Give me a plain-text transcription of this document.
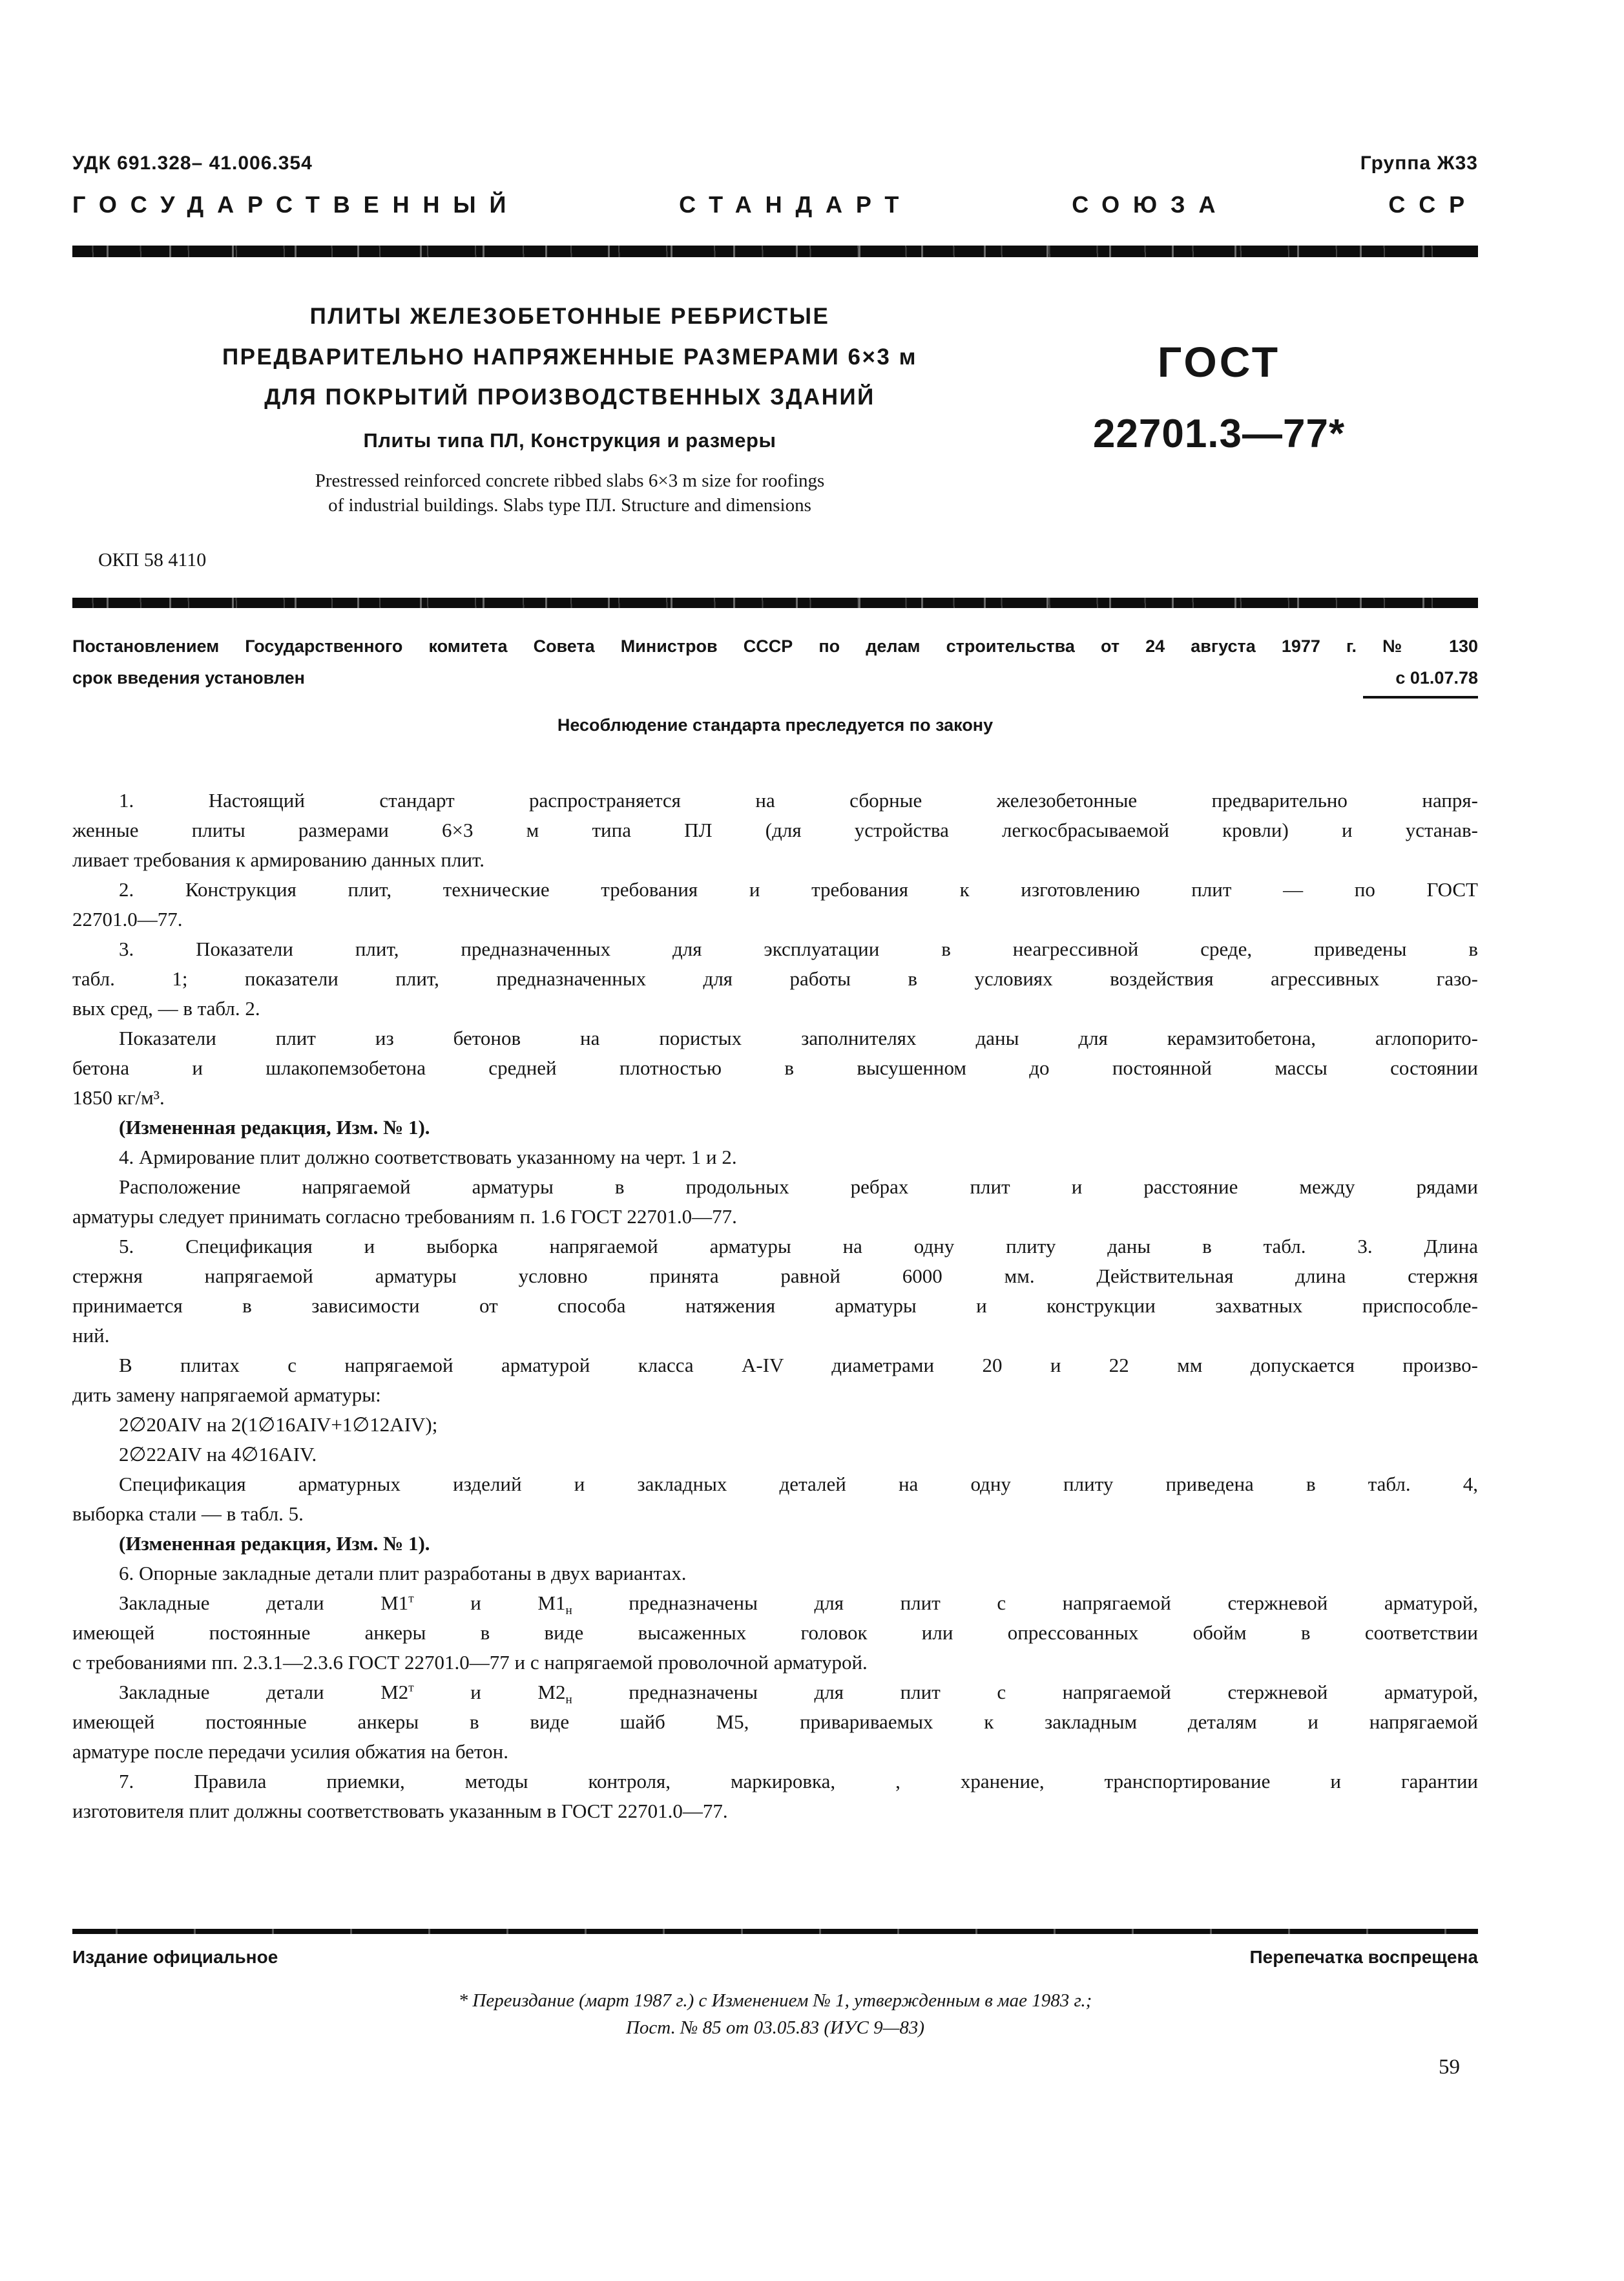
УДК 691.328– 41.006.354	Группа Ж33
ГОСУДАРСТВЕННЫЙ	СТАНДАРТ	СОЮЗА	ССР
ПЛИТЫ ЖЕЛЕЗОБЕТОННЫЕ РЕБРИСТЫЕ
ПРЕДВАРИТЕЛЬНО НАПРЯЖЕННЫЕ РАЗМЕРАМИ 6×3 м
ДЛЯ ПОКРЫТИЙ ПРОИЗВОДСТВЕННЫХ ЗДАНИЙ
Плиты типа ПЛ, Конструкция и размеры
Prestressed reinforced concrete ribbed slabs 6×3 m size for roofings
of industrial buildings. Slabs type ПЛ. Structure and dimensions
ГОСТ
22701.3—77*
ОКП 58 4110
Постановлением Государственного комитета Совета Министров СССР по делам строительства от 24 августа 1977 г. № 130
срок введения установлен	с 01.07.78
Несоблюдение стандарта преследуется по закону
1. Настоящий стандарт распространяется на сборные железобетонные предварительно напря-
женные плиты размерами 6×3 м типа ПЛ (для устройства легкосбрасываемой кровли) и устанав-
ливает требования к армированию данных плит.
2. Конструкция плит, технические требования и требования к изготовлению плит — по ГОСТ
22701.0—77.
3. Показатели плит, предназначенных для эксплуатации в неагрессивной среде, приведены в
табл. 1; показатели плит, предназначенных для работы в условиях воздействия агрессивных газо-
вых сред, — в табл. 2.
Показатели плит из бетонов на пористых заполнителях даны для керамзитобетона, аглопорито-
бетона и шлакопемзобетона средней плотностью в высушенном до постоянной массы состоянии
1850 кг/м³.
(Измененная редакция, Изм. № 1).
4. Армирование плит должно соответствовать указанному на черт. 1 и 2.
Расположение напрягаемой арматуры в продольных ребрах плит и расстояние между рядами
арматуры следует принимать согласно требованиям п. 1.6 ГОСТ 22701.0—77.
5. Спецификация и выборка напрягаемой арматуры на одну плиту даны в табл. 3. Длина
стержня напрягаемой арматуры условно принята равной 6000 мм. Действительная длина стержня
принимается в зависимости от способа натяжения арматуры и конструкции захватных приспособле-
ний.
В плитах с напрягаемой арматурой класса А-IV диаметрами 20 и 22 мм допускается произво-
дить замену напрягаемой арматуры:
2∅20AIV на 2(1∅16AIV+1∅12AIV);
2∅22AIV на 4∅16AIV.
Спецификация арматурных изделий и закладных деталей на одну плиту приведена в табл. 4,
выборка стали — в табл. 5.
(Измененная редакция, Изм. № 1).
6. Опорные закладные детали плит разработаны в двух вариантах.
Закладные детали $М1^т$ и $М1_н$ предназначены для плит с напрягаемой стержневой арматурой,
имеющей постоянные анкеры в виде высаженных головок или опрессованных обойм в соответствии
с требованиями пп. 2.3.1—2.3.6 ГОСТ 22701.0—77 и с напрягаемой проволочной арматурой.
Закладные детали $М2^т$ и $М2_н$ предназначены для плит с напрягаемой стержневой арматурой,
имеющей постоянные анкеры в виде шайб М5, привариваемых к закладным деталям и напрягаемой
арматуре после передачи усилия обжатия на бетон.
7. Правила приемки, методы контроля, маркировка, , хранение, транспортирование и гарантии
изготовителя плит должны соответствовать указанным в ГОСТ 22701.0—77.
Издание официальное	Перепечатка воспрещена
* Переиздание (март 1987 г.) с Изменением № 1, утвержденным в мае 1983 г.;
Пост. № 85 от 03.05.83 (ИУС 9—83)
59
